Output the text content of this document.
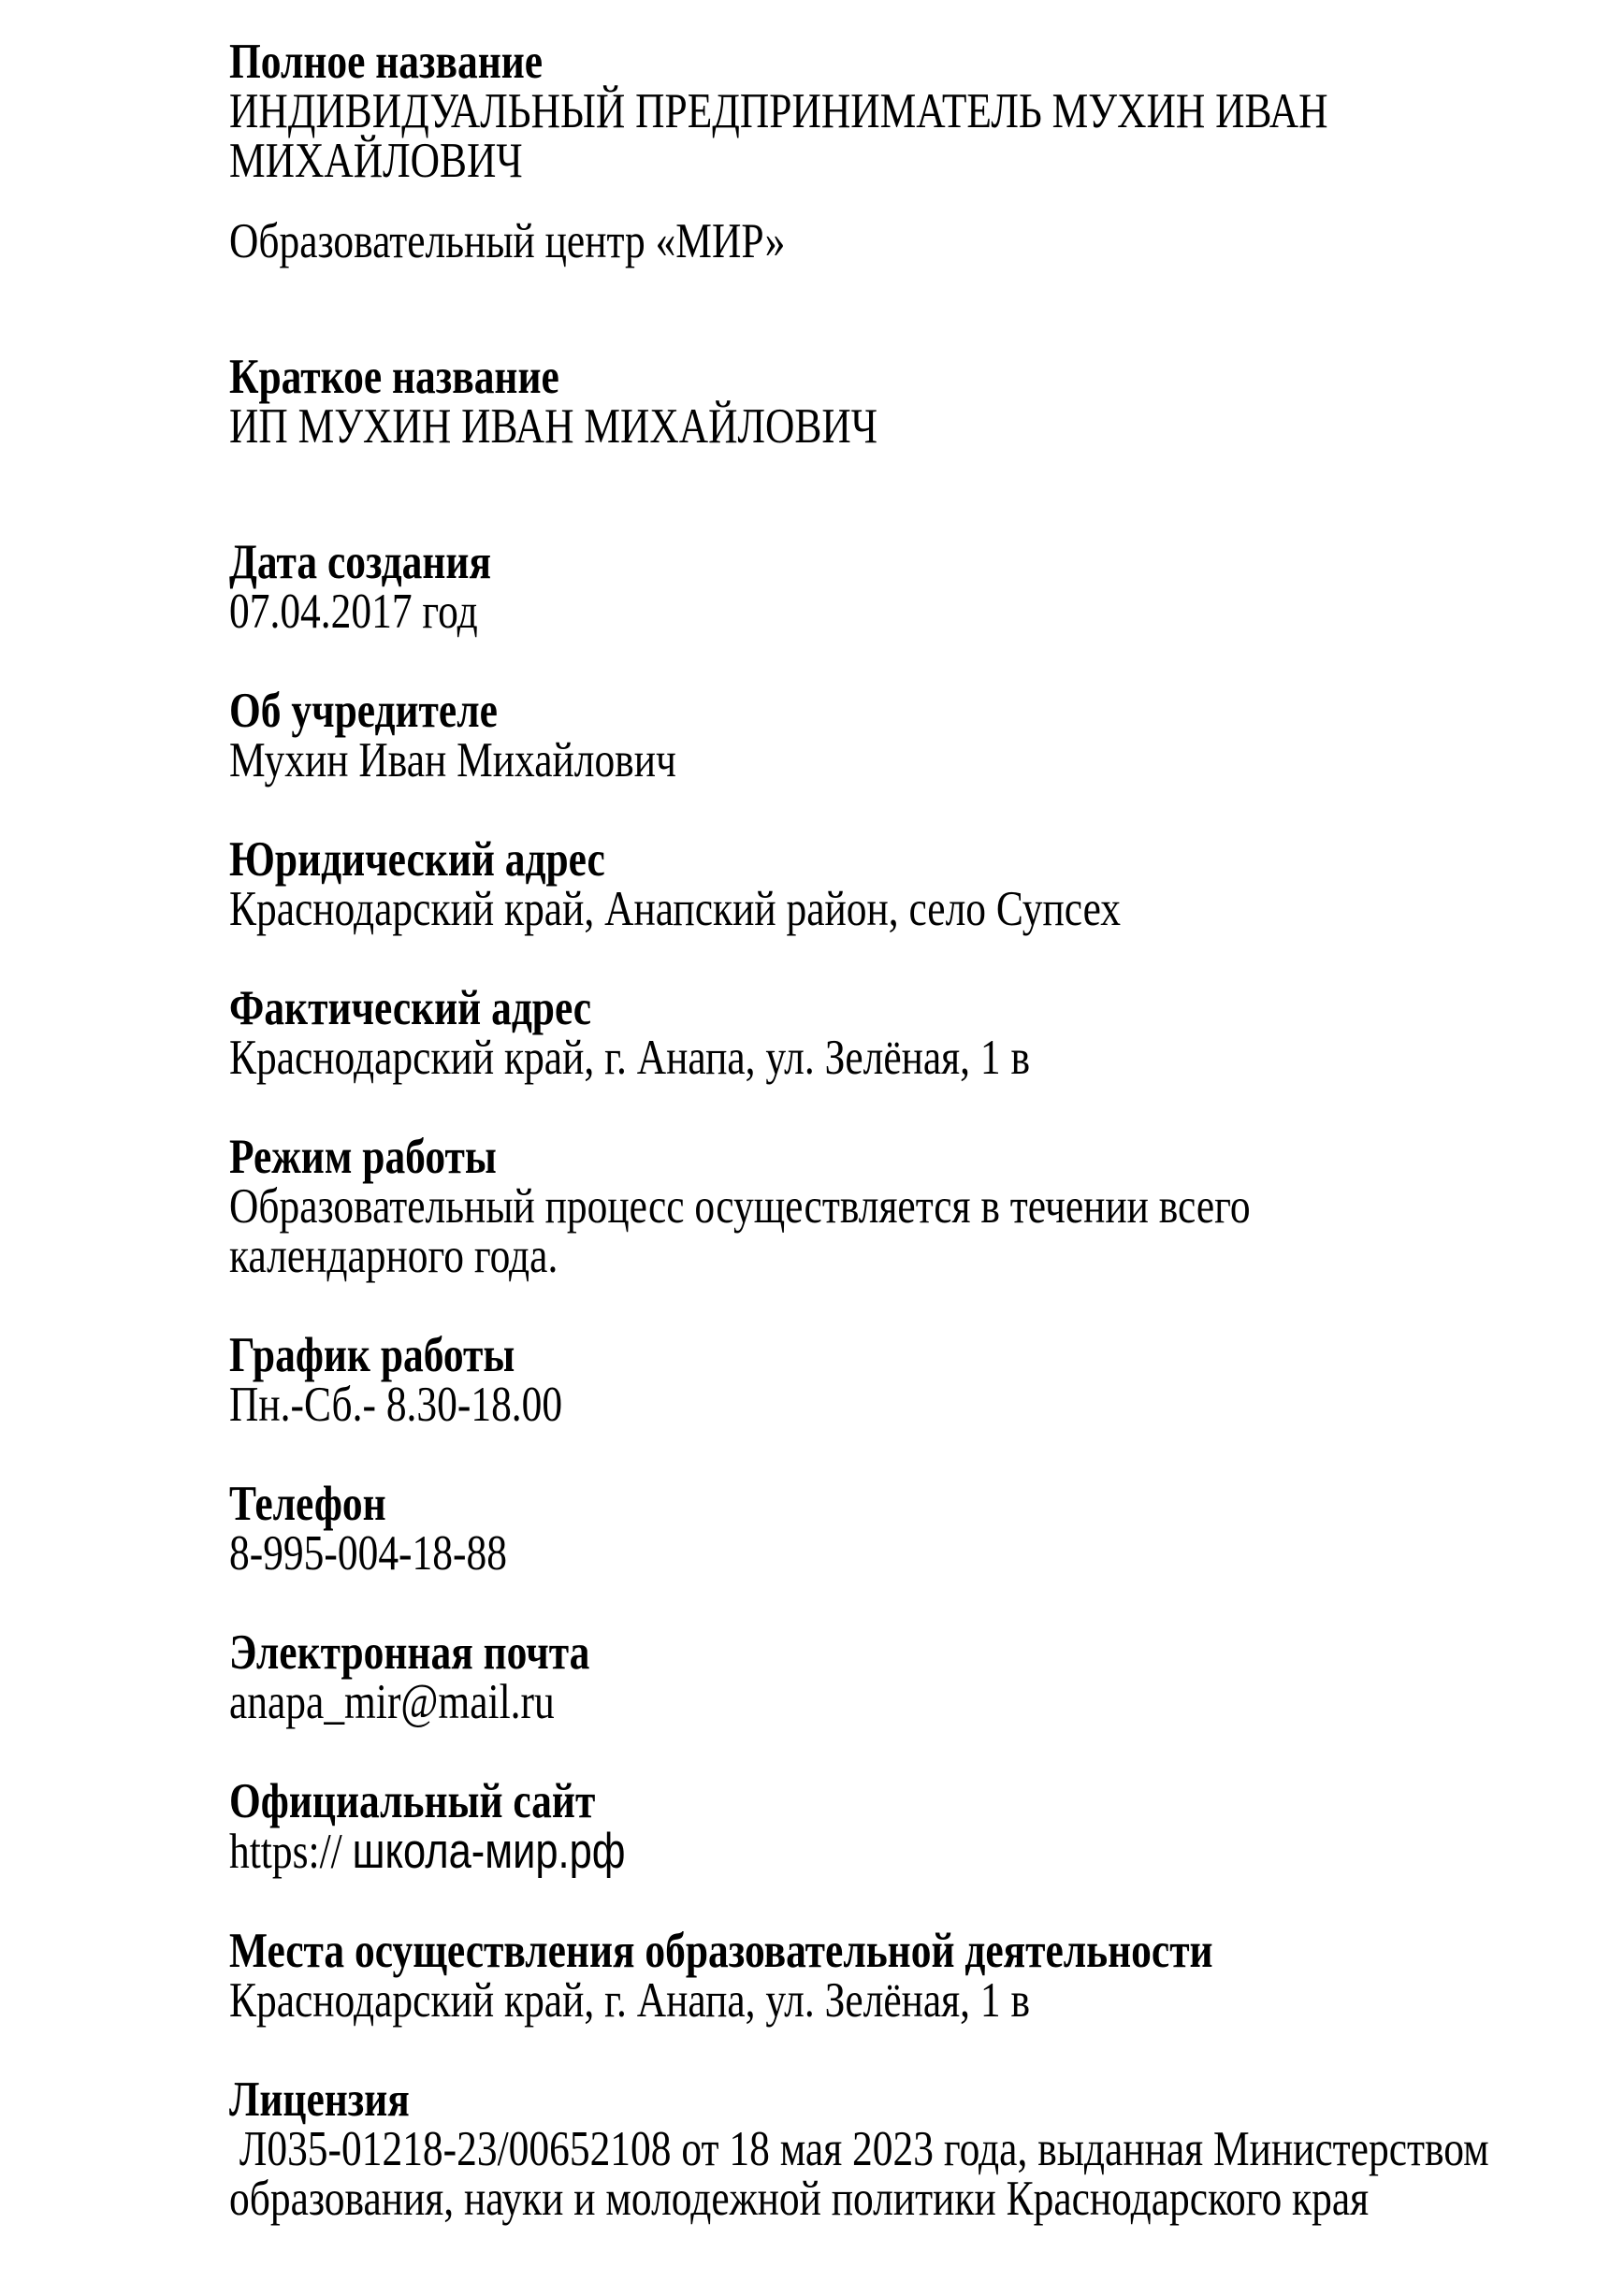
Полное название
ИНДИВИДУАЛЬНЫЙ ПРЕДПРИНИМАТЕЛЬ МУХИН ИВАН
МИХАЙЛОВИЧ
Образовательный центр «МИР»
Краткое название
ИП МУХИН ИВАН МИХАЙЛОВИЧ
Дата создания
07.04.2017 год
Об учредителе
Мухин Иван Михайлович
Юридический адрес
Краснодарский край, Анапский район, село Супсех
Фактический адрес
Краснодарский край, г. Анапа, ул. Зелёная, 1 в
Режим работы
Образовательный процесс осуществляется в течении всего
календарного года.
График работы
Пн.-Сб.- 8.30-18.00
Телефон
8-995-004-18-88
Электронная почта
anapa_mir@mail.ru
Официальный сайт
https:// школа-мир.рф
Места осуществления образовательной деятельности
Краснодарский край, г. Анапа, ул. Зелёная, 1 в
Лицензия
Л035-01218-23/00652108 от 18 мая 2023 года, выданная Министерством
образования, науки и молодежной политики Краснодарского края
